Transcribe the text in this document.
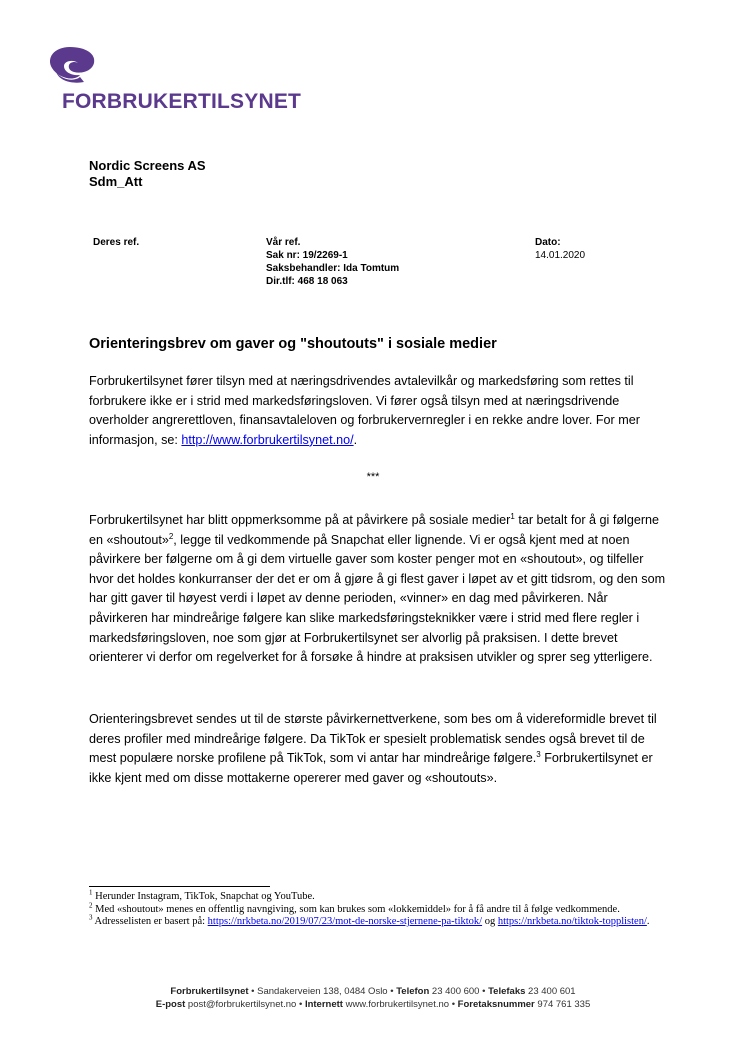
FORBRUKERTILSYNET
Nordic Screens AS
Sdm_Att
Deres ref.	Vår ref.
Sak nr: 19/2269-1
Saksbehandler: Ida Tomtum
Dir.tlf: 468 18 063
Dato:
14.01.2020
Orienteringsbrev om gaver og "shoutouts" i sosiale medier
Forbrukertilsynet fører tilsyn med at næringsdrivendes avtalevilkår og markedsføring som rettes til forbrukere ikke er i strid med markedsføringsloven. Vi fører også tilsyn med at næringsdrivende overholder angrerettloven, finansavtaleloven og forbrukervernregler i en rekke andre lover. For mer informasjon, se: http://www.forbrukertilsynet.no/.
***
Forbrukertilsynet har blitt oppmerksomme på at påvirkere på sosiale medier$^1$ tar betalt for å gi følgerne en «shoutout»$^2$, legge til vedkommende på Snapchat eller lignende. Vi er også kjent med at noen påvirkere ber følgerne om å gi dem virtuelle gaver som koster penger mot en «shoutout», og tilfeller hvor det holdes konkurranser der det er om å gjøre å gi flest gaver i løpet av et gitt tidsrom, og den som har gitt gaver til høyest verdi i løpet av denne perioden, «vinner» en dag med påvirkeren. Når påvirkeren har mindreårige følgere kan slike markedsføringsteknikker være i strid med flere regler i markedsføringsloven, noe som gjør at Forbrukertilsynet ser alvorlig på praksisen. I dette brevet orienterer vi derfor om regelverket for å forsøke å hindre at praksisen utvikler og sprer seg ytterligere.
Orienteringsbrevet sendes ut til de største påvirkernettverkene, som bes om å videreformidle brevet til deres profiler med mindreårige følgere. Da TikTok er spesielt problematisk sendes også brevet til de mest populære norske profilene på TikTok, som vi antar har mindreårige følgere.$^3$ Forbrukertilsynet er ikke kjent med om disse mottakerne opererer med gaver og «shoutouts».
$^1$ Herunder Instagram, TikTok, Snapchat og YouTube.
$^2$ Med «shoutout» menes en offentlig navngiving, som kan brukes som «lokkemiddel» for å få andre til å følge vedkommende.
$^3$ Adresselisten er basert på: https://nrkbeta.no/2019/07/23/mot-de-norske-stjernene-pa-tiktok/ og https://nrkbeta.no/tiktok-topplisten/.
Forbrukertilsynet • Sandakerveien 138, 0484 Oslo • Telefon 23 400 600 • Telefaks 23 400 601
E-post post@forbrukertilsynet.no • Internett www.forbrukertilsynet.no • Foretaksnummer 974 761 335
